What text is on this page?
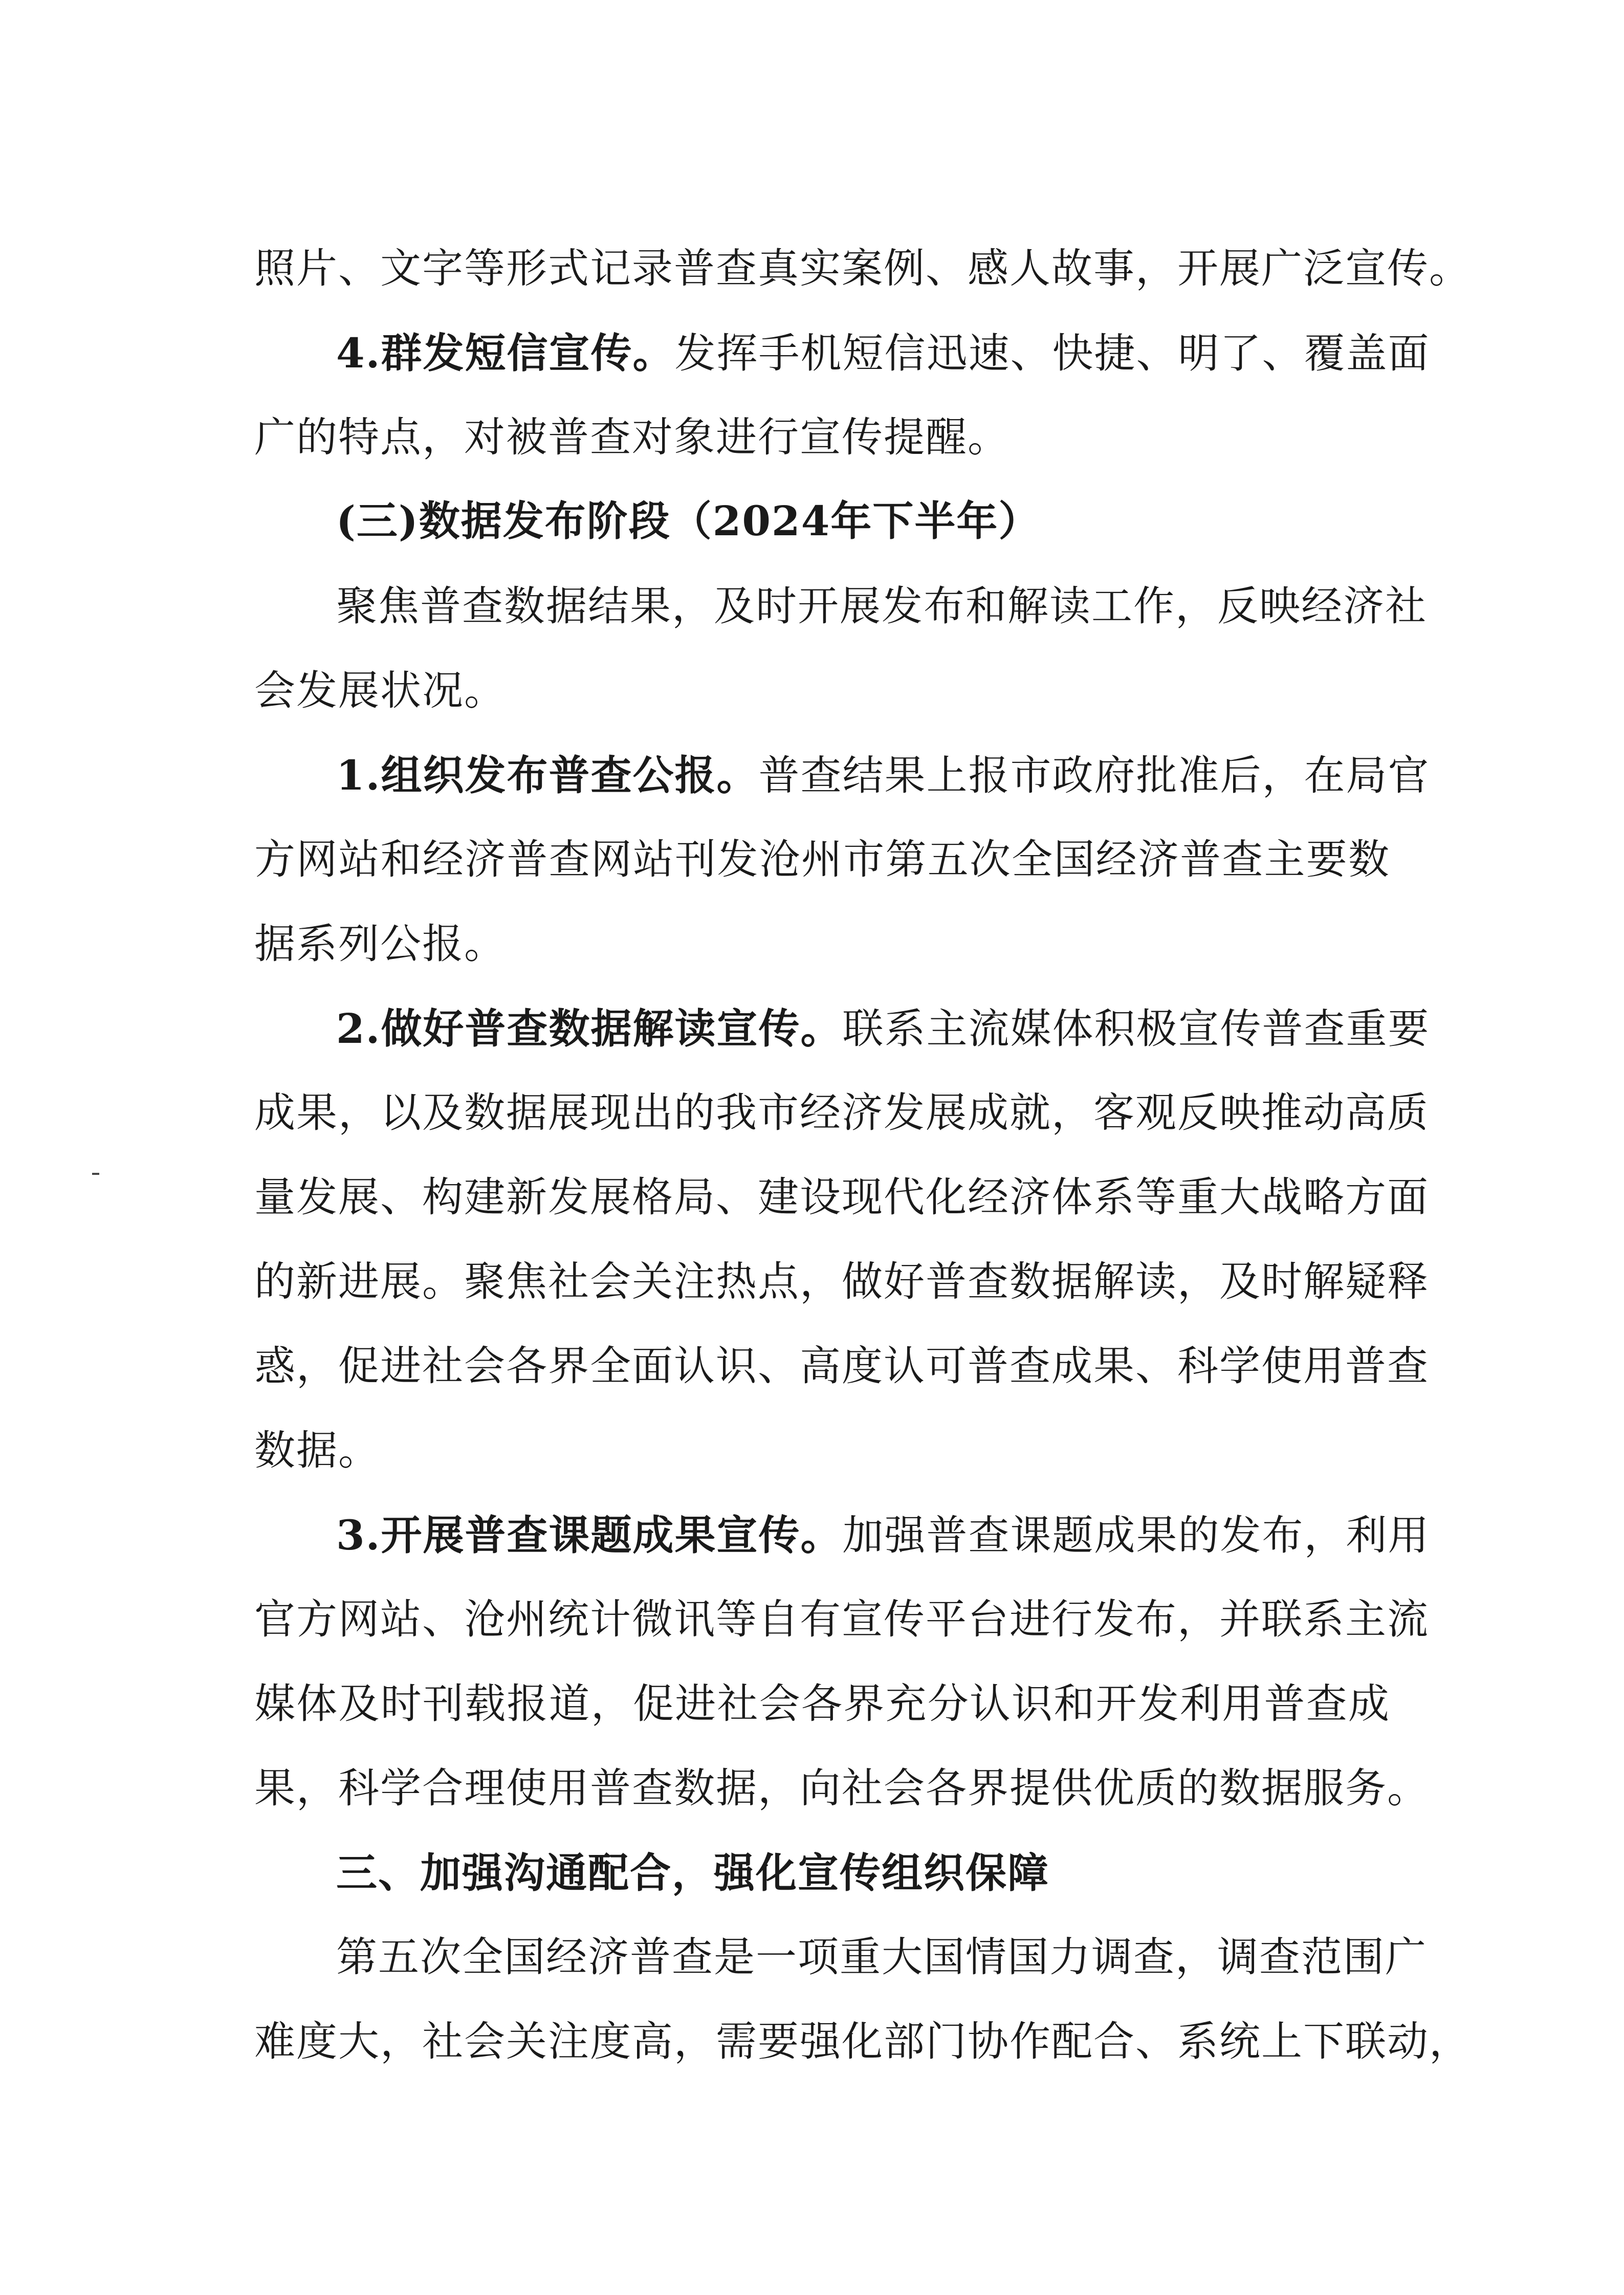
照片、文字等形式记录普查真实案例、感人故事，开展广泛宣传。
4.群发短信宣传。发挥手机短信迅速、快捷、明了、覆盖面
广的特点，对被普查对象进行宣传提醒。
(三)数据发布阶段（2024年下半年）
聚焦普查数据结果，及时开展发布和解读工作，反映经济社
会发展状况。
1.组织发布普查公报。普查结果上报市政府批准后，在局官
方网站和经济普查网站刊发沧州市第五次全国经济普查主要数
据系列公报。
2.做好普查数据解读宣传。联系主流媒体积极宣传普查重要
成果，以及数据展现出的我市经济发展成就，客观反映推动高质
量发展、构建新发展格局、建设现代化经济体系等重大战略方面
的新进展。聚焦社会关注热点，做好普查数据解读，及时解疑释
惑，促进社会各界全面认识、高度认可普查成果、科学使用普查
数据。
3.开展普查课题成果宣传。加强普查课题成果的发布，利用
官方网站、沧州统计微讯等自有宣传平台进行发布，并联系主流
媒体及时刊载报道，促进社会各界充分认识和开发利用普查成
果，科学合理使用普查数据，向社会各界提供优质的数据服务。
三、加强沟通配合，强化宣传组织保障
第五次全国经济普查是一项重大国情国力调查，调查范围广
难度大，社会关注度高，需要强化部门协作配合、系统上下联动，
